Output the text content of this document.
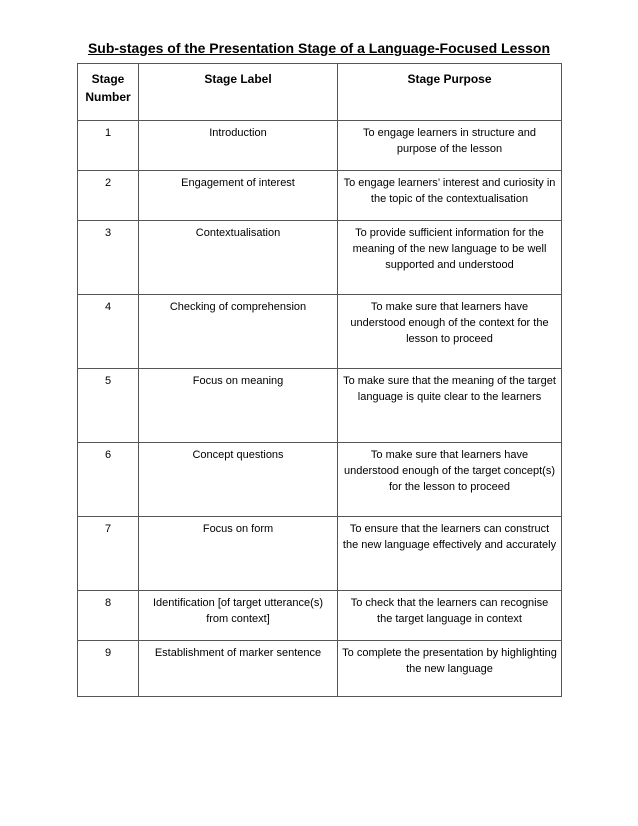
Sub-stages of the Presentation Stage of a Language-Focused Lesson
Stage Number	Stage Label	Stage Purpose
1	Introduction	To engage learners in structure and purpose of the lesson
2	Engagement of interest	To engage learners’ interest and curiosity in the topic of the contextualisation
3	Contextualisation	To provide sufficient information for the meaning of the new language to be well supported and understood
4	Checking of comprehension	To make sure that learners have understood enough of the context for the lesson to proceed
5	Focus on meaning	To make sure that the meaning of the target language is quite clear to the learners
6	Concept questions	To make sure that learners have understood enough of the target concept(s) for the lesson to proceed
7	Focus on form	To ensure that the learners can construct the new language effectively and accurately
8	Identification [of target utterance(s) from context]	To check that the learners can recognise the target language in context
9	Establishment of marker sentence	To complete the presentation by highlighting the new language
